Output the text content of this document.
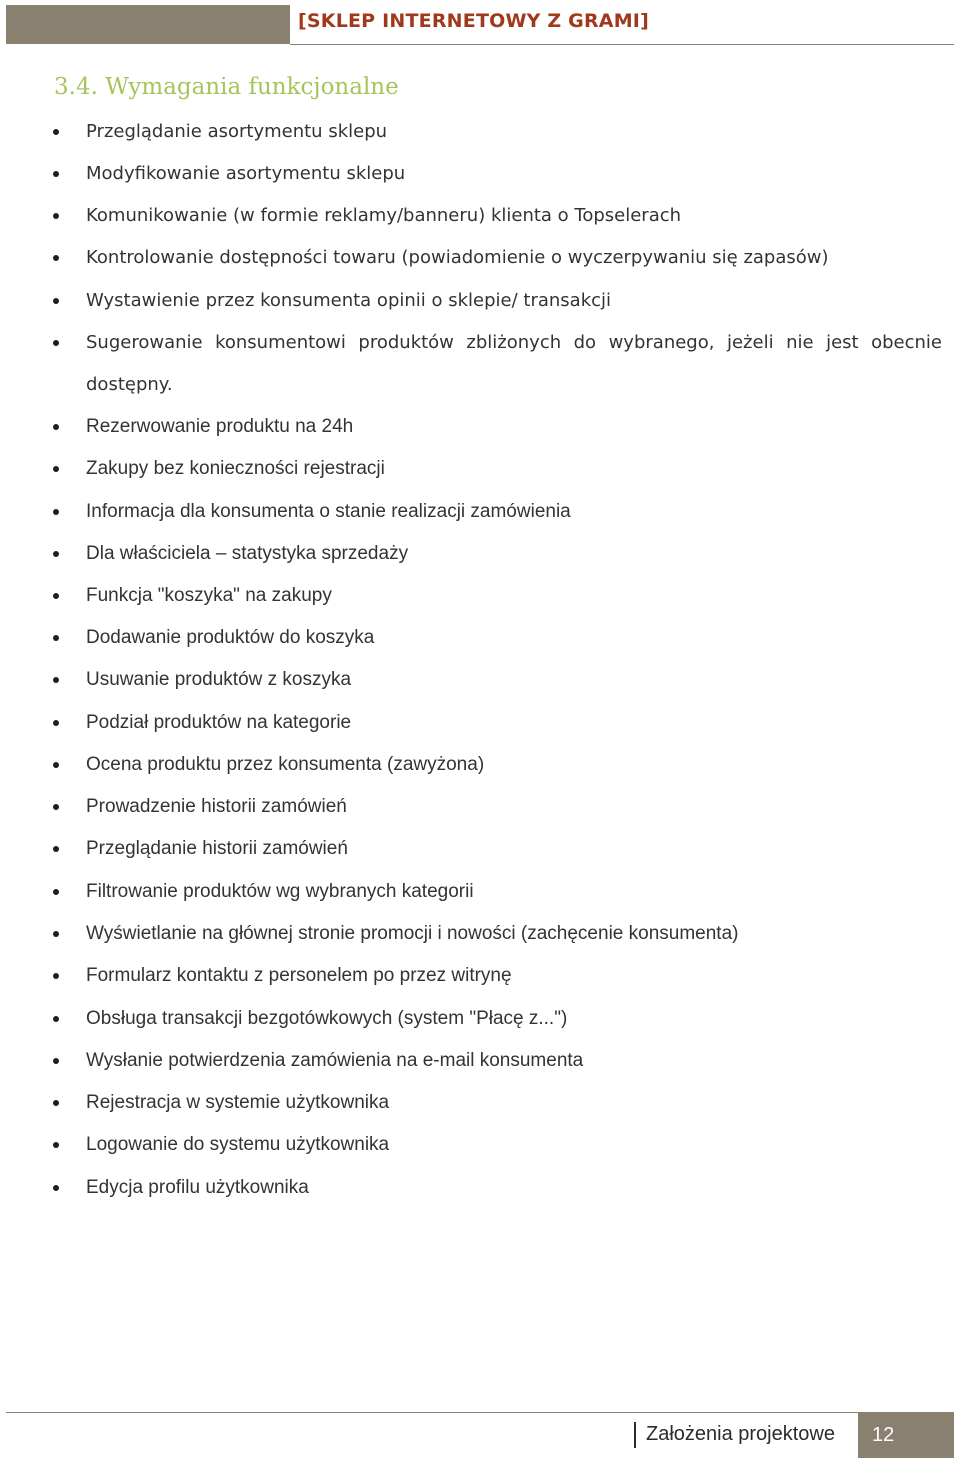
[SKLEP INTERNETOWY Z GRAMI]
3.4. Wymagania funkcjonalne
Przeglądanie asortymentu sklepu
Modyfikowanie asortymentu sklepu
Komunikowanie (w formie reklamy/banneru) klienta o Topselerach
Kontrolowanie dostępności towaru (powiadomienie o wyczerpywaniu się zapasów)
Wystawienie przez konsumenta opinii o sklepie/ transakcji
Sugerowanie konsumentowi produktów zbliżonych do wybranego, jeżeli nie jest obecnie
dostępny.
Rezerwowanie produktu na 24h
Zakupy bez konieczności rejestracji
Informacja dla konsumenta o stanie realizacji zamówienia
Dla właściciela – statystyka sprzedaży
Funkcja "koszyka" na zakupy
Dodawanie produktów do koszyka
Usuwanie produktów z koszyka
Podział produktów na kategorie
Ocena produktu przez konsumenta (zawyżona)
Prowadzenie historii zamówień
Przeglądanie historii zamówień
Filtrowanie produktów wg wybranych kategorii
Wyświetlanie na głównej stronie promocji i nowości (zachęcenie konsumenta)
Formularz kontaktu z personelem po przez witrynę
Obsługa transakcji bezgotówkowych (system "Płacę z...")
Wysłanie potwierdzenia zamówienia na e-mail konsumenta
Rejestracja w systemie użytkownika
Logowanie do systemu użytkownika
Edycja profilu użytkownika
Założenia projektowe 12
